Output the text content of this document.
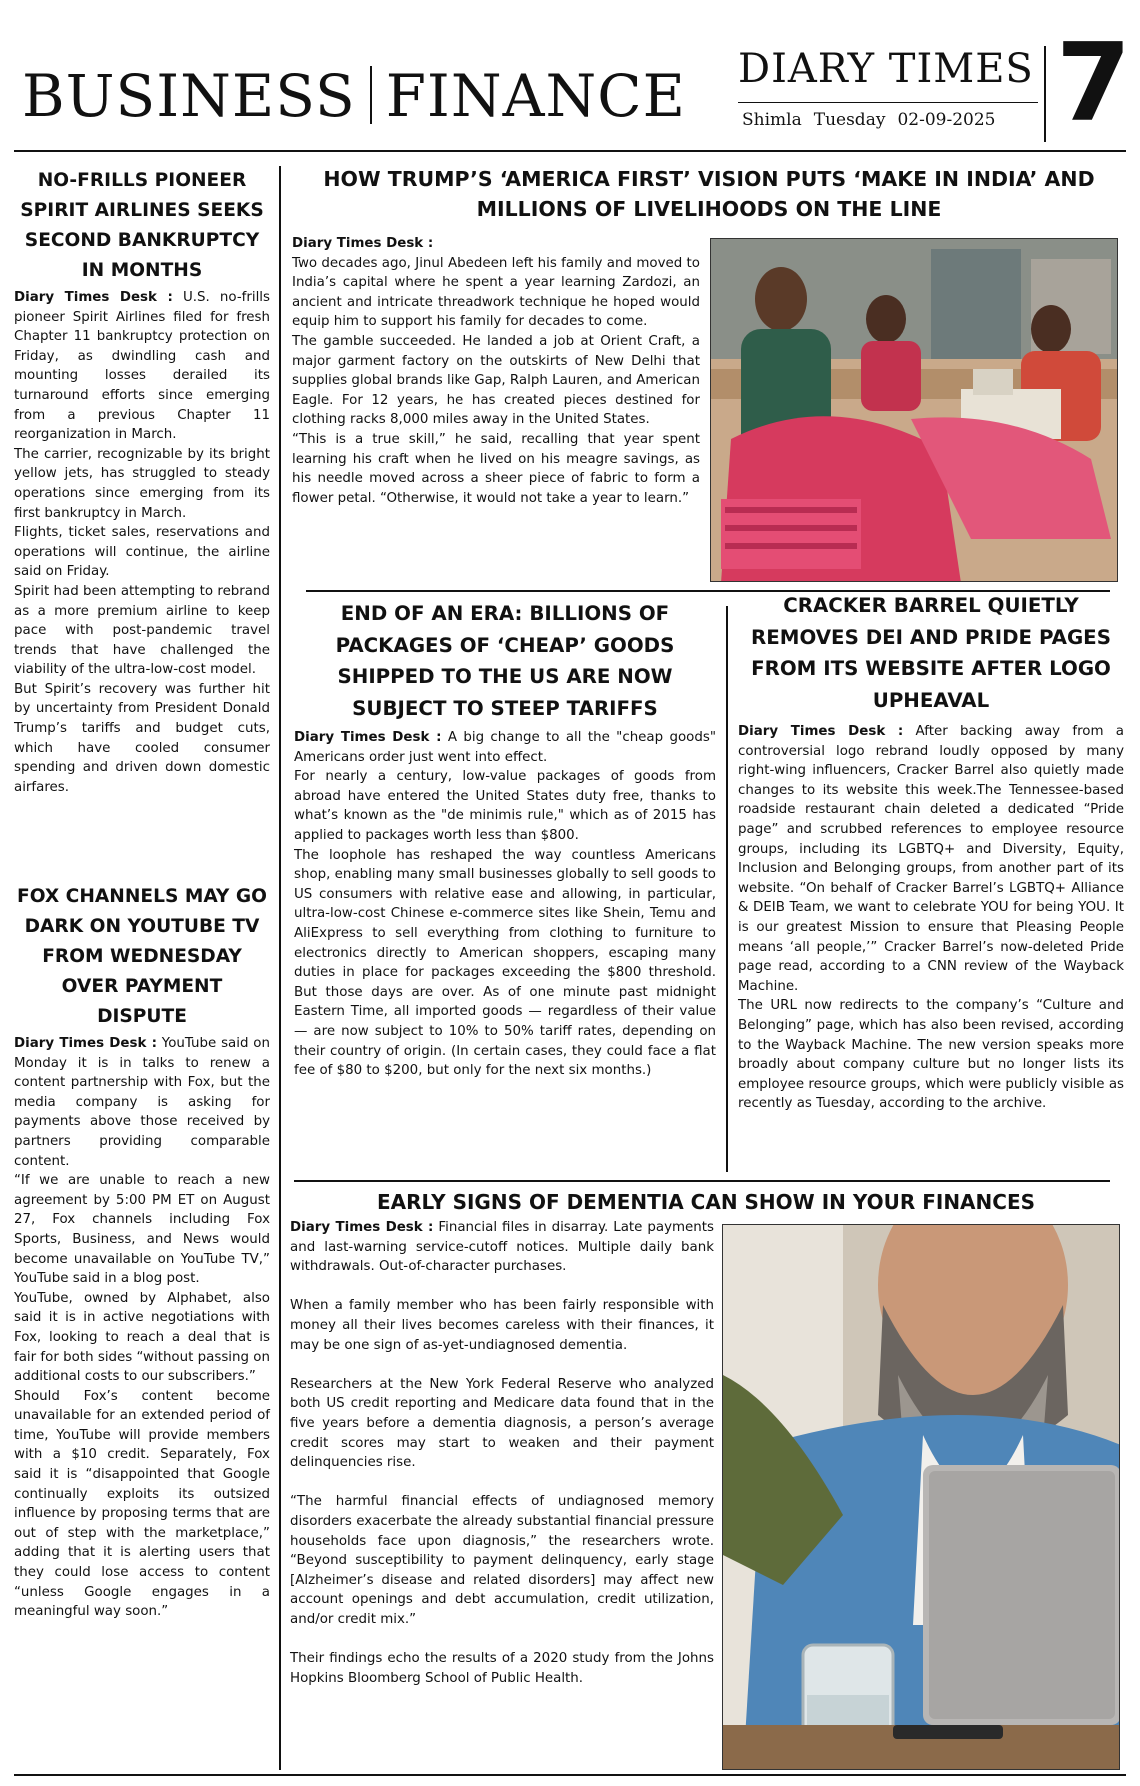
BUSINESS FINANCE DIARY TIMES
Shimla Tuesday 02-09-2025 7
NO-FRILLS PIONEER SPIRIT AIRLINES SEEKS SECOND BANKRUPTCY IN MONTHS

Diary Times Desk : U.S. no-frills pioneer Spirit Airlines filed for fresh Chapter 11 bankruptcy protection on Friday, as dwindling cash and mounting losses derailed its turnaround efforts since emerging from a previous Chapter 11 reorganization in March.

The carrier, recognizable by its bright yellow jets, has struggled to steady operations since emerging from its first bankruptcy in March.

Flights, ticket sales, reservations and operations will continue, the airline said on Friday.

Spirit had been attempting to rebrand as a more premium airline to keep pace with post-pandemic travel trends that have challenged the viability of the ultra-low-cost model.

But Spirit’s recovery was further hit by uncertainty from President Donald Trump’s tariffs and budget cuts, which have cooled consumer spending and driven down domestic airfares.

FOX CHANNELS MAY GO DARK ON YOUTUBE TV FROM WEDNESDAY OVER PAYMENT DISPUTE

Diary Times Desk : YouTube said on Monday it is in talks to renew a content partnership with Fox, but the media company is asking for payments above those received by partners providing comparable content.

“If we are unable to reach a new agreement by 5:00 PM ET on August 27, Fox channels including Fox Sports, Business, and News would become unavailable on YouTube TV,” YouTube said in a blog post.

YouTube, owned by Alphabet, also said it is in active negotiations with Fox, looking to reach a deal that is fair for both sides “without passing on additional costs to our subscribers.”

Should Fox’s content become unavailable for an extended period of time, YouTube will provide members with a $10 credit. Separately, Fox said it is “disappointed that Google continually exploits its outsized influence by proposing terms that are out of step with the marketplace,” adding that it is alerting users that they could lose access to content “unless Google engages in a meaningful way soon.”

HOW TRUMP’S ‘AMERICA FIRST’ VISION PUTS ‘MAKE IN INDIA’ AND MILLIONS OF LIVELIHOODS ON THE LINE

Diary Times Desk :

Two decades ago, Jinul Abedeen left his family and moved to India’s capital where he spent a year learning Zardozi, an ancient and intricate threadwork technique he hoped would equip him to support his family for decades to come.

The gamble succeeded. He landed a job at Orient Craft, a major garment factory on the outskirts of New Delhi that supplies global brands like Gap, Ralph Lauren, and American Eagle. For 12 years, he has created pieces destined for clothing racks 8,000 miles away in the United States.

“This is a true skill,” he said, recalling that year spent learning his craft when he lived on his meagre savings, as his needle moved across a sheer piece of fabric to form a flower petal. “Otherwise, it would not take a year to learn.”

END OF AN ERA: BILLIONS OF PACKAGES OF ‘CHEAP’ GOODS SHIPPED TO THE US ARE NOW SUBJECT TO STEEP TARIFFS

Diary Times Desk : A big change to all the "cheap goods" Americans order just went into effect.

For nearly a century, low-value packages of goods from abroad have entered the United States duty free, thanks to what’s known as the "de minimis rule," which as of 2015 has applied to packages worth less than $800.

The loophole has reshaped the way countless Americans shop, enabling many small businesses globally to sell goods to US consumers with relative ease and allowing, in particular, ultra-low-cost Chinese e-commerce sites like Shein, Temu and AliExpress to sell everything from clothing to furniture to electronics directly to American shoppers, escaping many duties in place for packages exceeding the $800 threshold. But those days are over. As of one minute past midnight Eastern Time, all imported goods — regardless of their value — are now subject to 10% to 50% tariff rates, depending on their country of origin. (In certain cases, they could face a flat fee of $80 to $200, but only for the next six months.)

CRACKER BARREL QUIETLY REMOVES DEI AND PRIDE PAGES FROM ITS WEBSITE AFTER LOGO UPHEAVAL

Diary Times Desk : After backing away from a controversial logo rebrand loudly opposed by many right-wing influencers, Cracker Barrel also quietly made changes to its website this week.The Tennessee-based roadside restaurant chain deleted a dedicated “Pride page” and scrubbed references to employee resource groups, including its LGBTQ+ and Diversity, Equity, Inclusion and Belonging groups, from another part of its website. “On behalf of Cracker Barrel’s LGBTQ+ Alliance & DEIB Team, we want to celebrate YOU for being YOU. It is our greatest Mission to ensure that Pleasing People means ‘all people,’” Cracker Barrel’s now-deleted Pride page read, according to a CNN review of the Wayback Machine.

The URL now redirects to the company’s “Culture and Belonging” page, which has also been revised, according to the Wayback Machine. The new version speaks more broadly about company culture but no longer lists its employee resource groups, which were publicly visible as recently as Tuesday, according to the archive.

EARLY SIGNS OF DEMENTIA CAN SHOW IN YOUR FINANCES

Diary Times Desk : Financial files in disarray. Late payments and last-warning service-cutoff notices. Multiple daily bank withdrawals. Out-of-character purchases.

When a family member who has been fairly responsible with money all their lives becomes careless with their finances, it may be one sign of as-yet-undiagnosed dementia.

Researchers at the New York Federal Reserve who analyzed both US credit reporting and Medicare data found that in the five years before a dementia diagnosis, a person’s average credit scores may start to weaken and their payment delinquencies rise.

“The harmful financial effects of undiagnosed memory disorders exacerbate the already substantial financial pressure households face upon diagnosis,” the researchers wrote. “Beyond susceptibility to payment delinquency, early stage [Alzheimer’s disease and related disorders] may affect new account openings and debt accumulation, credit utilization, and/or credit mix.”

Their findings echo the results of a 2020 study from the Johns Hopkins Bloomberg School of Public Health.
